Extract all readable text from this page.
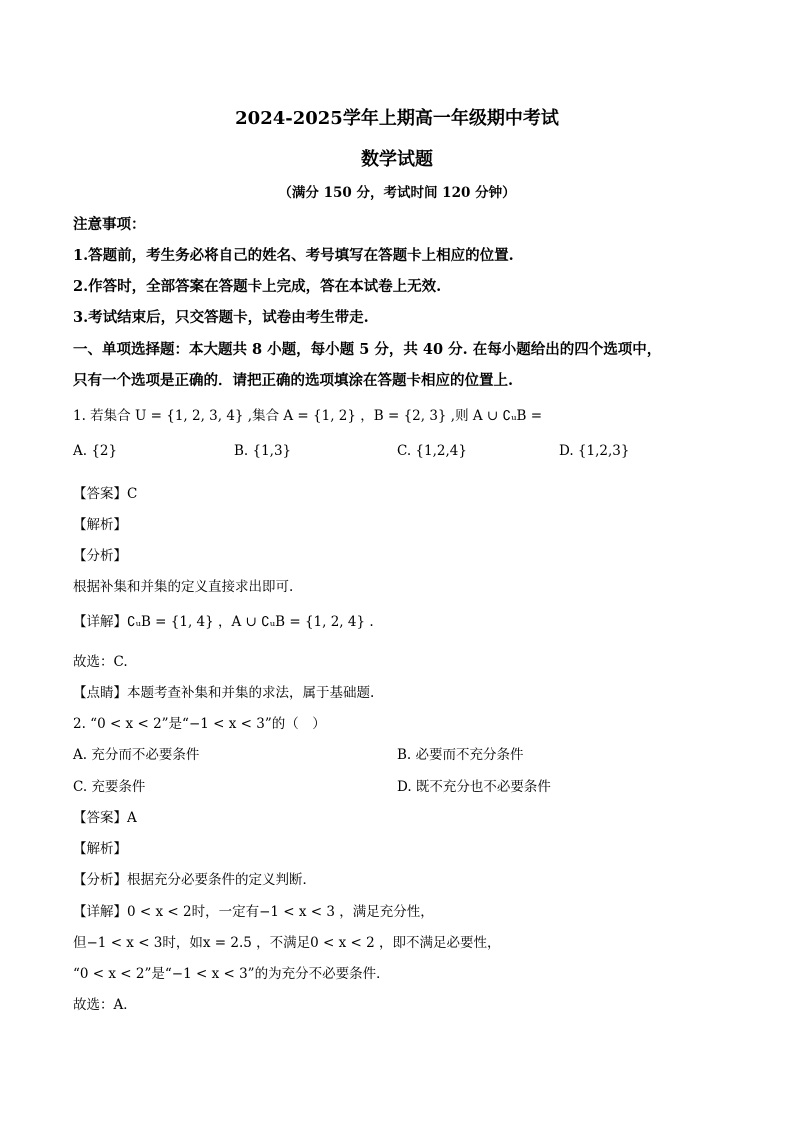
2024-2025学年上期高一年级期中考试
数学试题
（满分 150 分，考试时间 120 分钟）
注意事项：
1.答题前，考生务必将自己的姓名、考号填写在答题卡上相应的位置.
2.作答时，全部答案在答题卡上完成，答在本试卷上无效.
3.考试结束后，只交答题卡，试卷由考生带走.
一、单项选择题：本大题共 8 小题，每小题 5 分，共 40 分. 在每小题给出的四个选项中，
只有一个选项是正确的．请把正确的选项填涂在答题卡相应的位置上.
1. 若集合 U = {1, 2, 3, 4} ,集合 A = {1, 2} ，B = {2, 3} ,则 A ∪ ∁ᵤB =
A. {2}	B. {1,3}	C. {1,2,4}	D. {1,2,3}
【答案】C
【解析】
【分析】
根据补集和并集的定义直接求出即可.
【详解】∁ᵤB = {1, 4} ，A ∪ ∁ᵤB = {1, 2, 4} .
故选：C.
【点睛】本题考查补集和并集的求法，属于基础题.
2. “0 < x < 2”是“−1 < x < 3”的（　）
A. 充分而不必要条件	B. 必要而不充分条件
C. 充要条件	D. 既不充分也不必要条件
【答案】A
【解析】
【分析】根据充分必要条件的定义判断．
【详解】0 < x < 2时，一定有−1 < x < 3 ，满足充分性，
但−1 < x < 3时，如x = 2.5 ，不满足0 < x < 2 ，即不满足必要性，
“0 < x < 2”是“−1 < x < 3”的为充分不必要条件．
故选：A．
